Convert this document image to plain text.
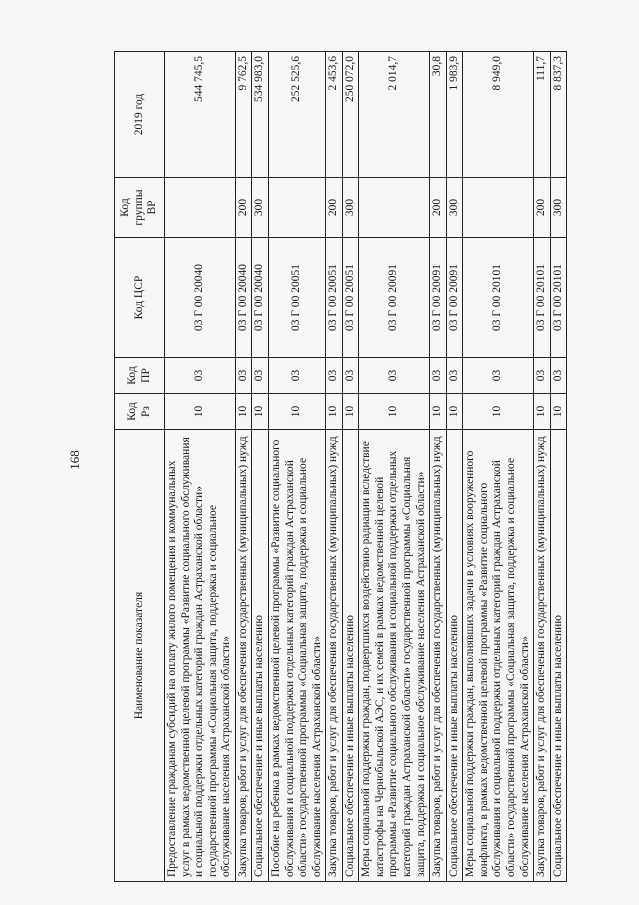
168
Наименование показателя	Код Рз	Код ПР	Код ЦСР	Код группы ВР	2019 год
Предоставление гражданам субсидий на оплату жилого помещения и коммунальных услуг в рамках ведомственной целевой программы «Развитие социального обслуживания и социальной поддержки отдельных категорий граждан Астраханской области» государственной программы «Социальная защита, поддержка и социальное обслуживание населения Астраханской области»	10	03	03 Г 00 20040		544 745,5
Закупка товаров, работ и услуг для обеспечения государственных (муниципальных) нужд	10	03	03 Г 00 20040	200	9 762,5
Социальное обеспечение и иные выплаты населению	10	03	03 Г 00 20040	300	534 983,0
Пособие на ребенка в рамках ведомственной целевой программы «Развитие социального обслуживания и социальной поддержки отдельных категорий граждан Астраханской области» государственной программы «Социальная защита, поддержка и социальное обслуживание населения Астраханской области»	10	03	03 Г 00 20051		252 525,6
Закупка товаров, работ и услуг для обеспечения государственных (муниципальных) нужд	10	03	03 Г 00 20051	200	2 453,6
Социальное обеспечение и иные выплаты населению	10	03	03 Г 00 20051	300	250 072,0
Меры социальной поддержки граждан, подвергшихся воздействию радиации вследствие катастрофы на Чернобыльской АЭС, и их семей в рамках ведомственной целевой программы «Развитие социального обслуживания и социальной поддержки отдельных категорий граждан Астраханской области» государственной программы «Социальная защита, поддержка и социальное обслуживание населения Астраханской области»	10	03	03 Г 00 20091		2 014,7
Закупка товаров, работ и услуг для обеспечения государственных (муниципальных) нужд	10	03	03 Г 00 20091	200	30,8
Социальное обеспечение и иные выплаты населению	10	03	03 Г 00 20091	300	1 983,9
Меры социальной поддержки граждан, выполнявших задачи в условиях вооруженного конфликта, в рамках ведомственной целевой программы «Развитие социального обслуживания и социальной поддержки отдельных категорий граждан Астраханской области» государственной программы «Социальная защита, поддержка и социальное обслуживание населения Астраханской области»	10	03	03 Г 00 20101		8 949,0
Закупка товаров, работ и услуг для обеспечения государственных (муниципальных) нужд	10	03	03 Г 00 20101	200	111,7
Социальное обеспечение и иные выплаты населению	10	03	03 Г 00 20101	300	8 837,3
